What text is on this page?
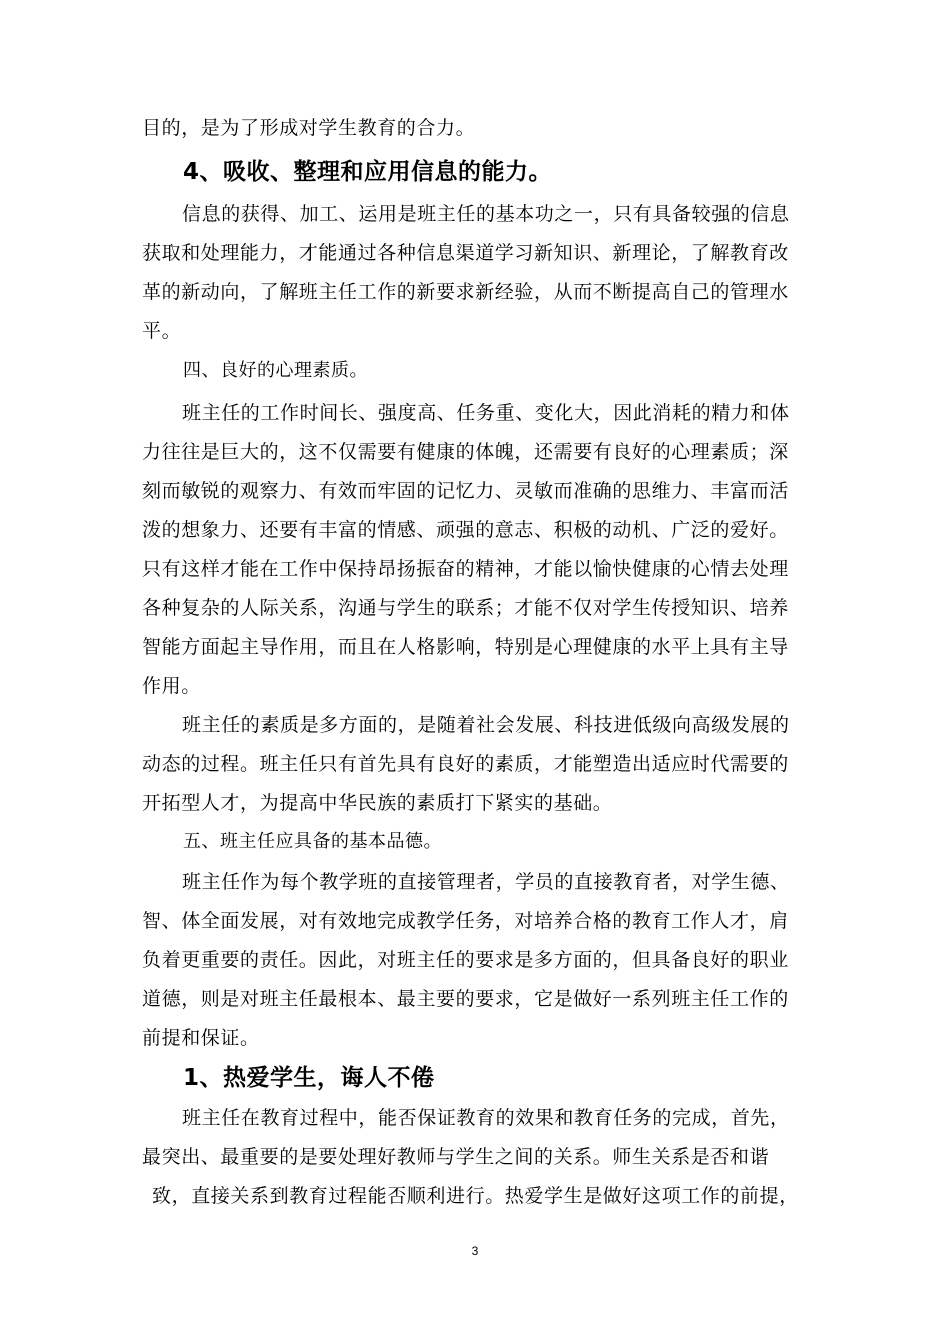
目的，是为了形成对学生教育的合力。
4、吸收、整理和应用信息的能力。
信息的获得、加工、运用是班主任的基本功之一，只有具备较强的信息
获取和处理能力，才能通过各种信息渠道学习新知识、新理论，了解教育改
革的新动向，了解班主任工作的新要求新经验，从而不断提高自己的管理水
平。
四、良好的心理素质。
班主任的工作时间长、强度高、任务重、变化大，因此消耗的精力和体
力往往是巨大的，这不仅需要有健康的体魄，还需要有良好的心理素质；深
刻而敏锐的观察力、有效而牢固的记忆力、灵敏而准确的思维力、丰富而活
泼的想象力、还要有丰富的情感、顽强的意志、积极的动机、广泛的爱好。
只有这样才能在工作中保持昂扬振奋的精神，才能以愉快健康的心情去处理
各种复杂的人际关系，沟通与学生的联系；才能不仅对学生传授知识、培养
智能方面起主导作用，而且在人格影响，特别是心理健康的水平上具有主导
作用。
班主任的素质是多方面的，是随着社会发展、科技进低级向高级发展的
动态的过程。班主任只有首先具有良好的素质，才能塑造出适应时代需要的
开拓型人才，为提高中华民族的素质打下紧实的基础。
五、班主任应具备的基本品德。
班主任作为每个教学班的直接管理者，学员的直接教育者，对学生德、
智、体全面发展，对有效地完成教学任务，对培养合格的教育工作人才，肩
负着更重要的责任。因此，对班主任的要求是多方面的，但具备良好的职业
道德，则是对班主任最根本、最主要的要求，它是做好一系列班主任工作的
前提和保证。
1、热爱学生，诲人不倦
班主任在教育过程中，能否保证教育的效果和教育任务的完成，首先，
最突出、最重要的是要处理好教师与学生之间的关系。师生关系是否和谐
致，直接关系到教育过程能否顺利进行。热爱学生是做好这项工作的前提，
3
